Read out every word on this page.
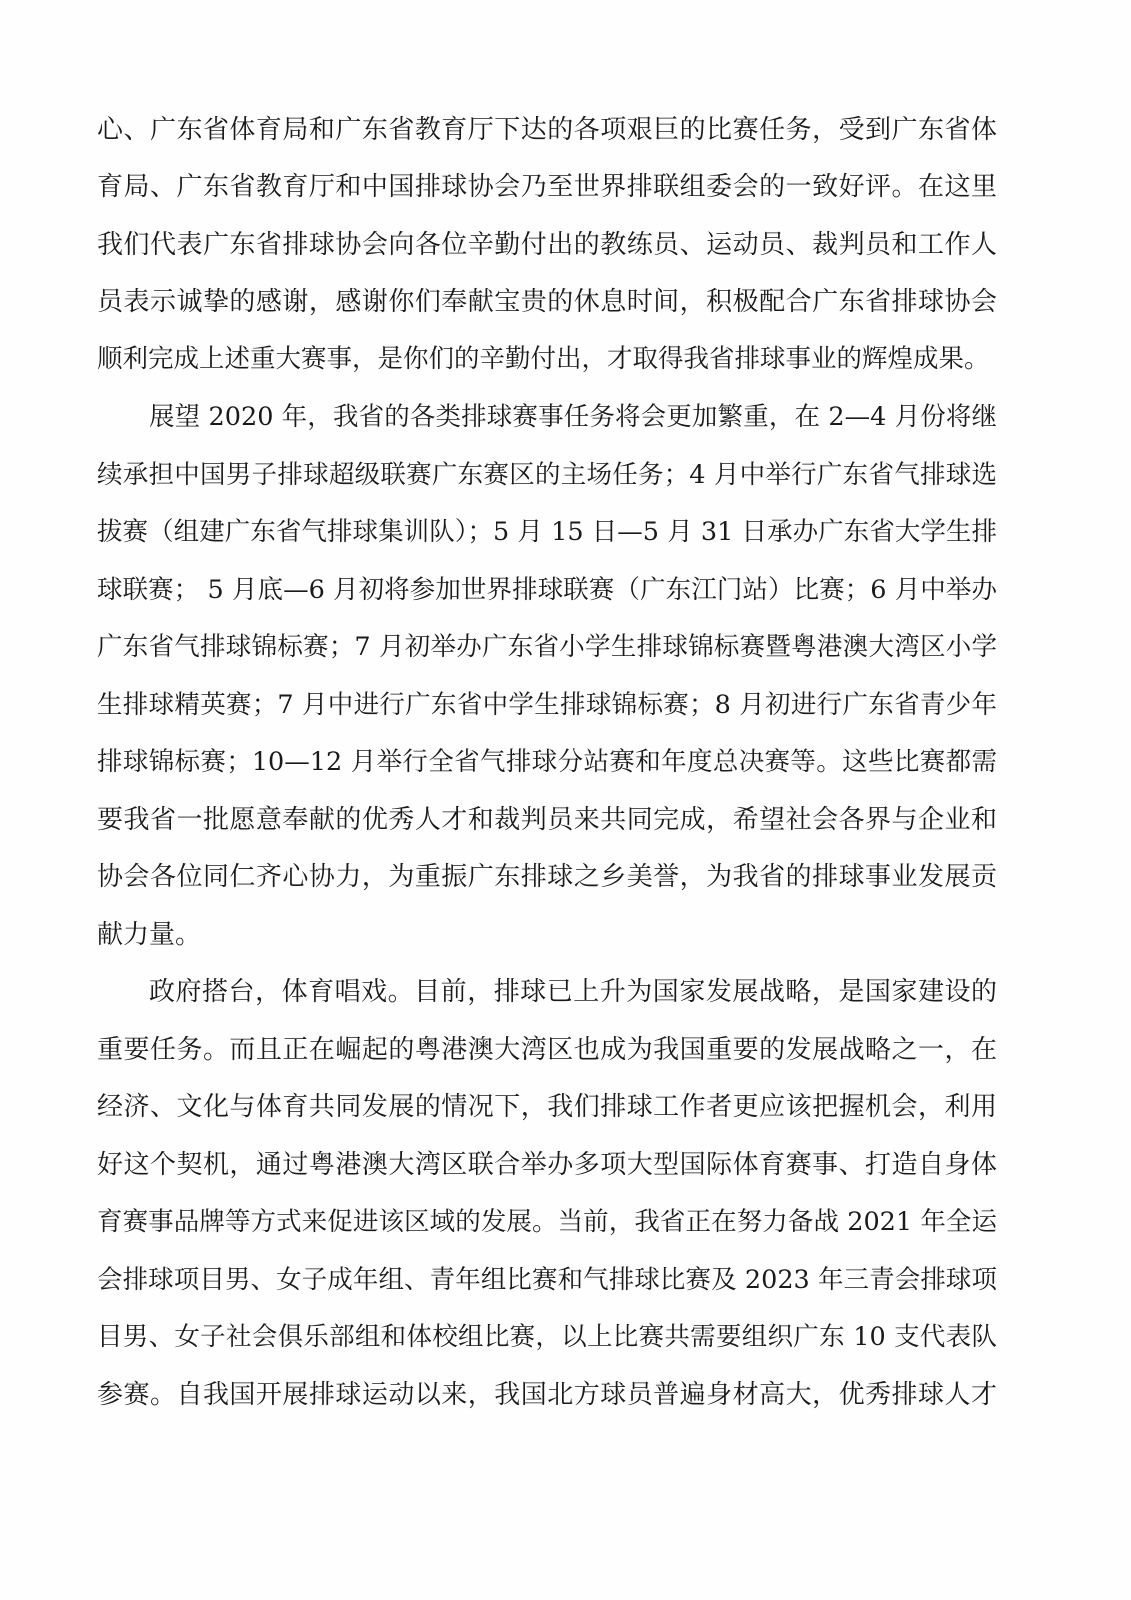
心、广东省体育局和广东省教育厅下达的各项艰巨的比赛任务，受到广东省体
育局、广东省教育厅和中国排球协会乃至世界排联组委会的一致好评。在这里
我们代表广东省排球协会向各位辛勤付出的教练员、运动员、裁判员和工作人
员表示诚挚的感谢，感谢你们奉献宝贵的休息时间，积极配合广东省排球协会
顺利完成上述重大赛事，是你们的辛勤付出，才取得我省排球事业的辉煌成果。
展望 2020 年，我省的各类排球赛事任务将会更加繁重，在 2—4 月份将继
续承担中国男子排球超级联赛广东赛区的主场任务；4 月中举行广东省气排球选
拔赛（组建广东省气排球集训队）；5 月 15 日—5 月 31 日承办广东省大学生排
球联赛； 5 月底—6 月初将参加世界排球联赛（广东江门站）比赛；6 月中举办
广东省气排球锦标赛；7 月初举办广东省小学生排球锦标赛暨粤港澳大湾区小学
生排球精英赛；7 月中进行广东省中学生排球锦标赛；8 月初进行广东省青少年
排球锦标赛；10—12 月举行全省气排球分站赛和年度总决赛等。这些比赛都需
要我省一批愿意奉献的优秀人才和裁判员来共同完成，希望社会各界与企业和
协会各位同仁齐心协力，为重振广东排球之乡美誉，为我省的排球事业发展贡
献力量。
政府搭台，体育唱戏。目前，排球已上升为国家发展战略，是国家建设的
重要任务。而且正在崛起的粤港澳大湾区也成为我国重要的发展战略之一，在
经济、文化与体育共同发展的情况下，我们排球工作者更应该把握机会，利用
好这个契机，通过粤港澳大湾区联合举办多项大型国际体育赛事、打造自身体
育赛事品牌等方式来促进该区域的发展。当前，我省正在努力备战 2021 年全运
会排球项目男、女子成年组、青年组比赛和气排球比赛及 2023 年三青会排球项
目男、女子社会俱乐部组和体校组比赛，以上比赛共需要组织广东 10 支代表队
参赛。自我国开展排球运动以来，我国北方球员普遍身材高大，优秀排球人才
